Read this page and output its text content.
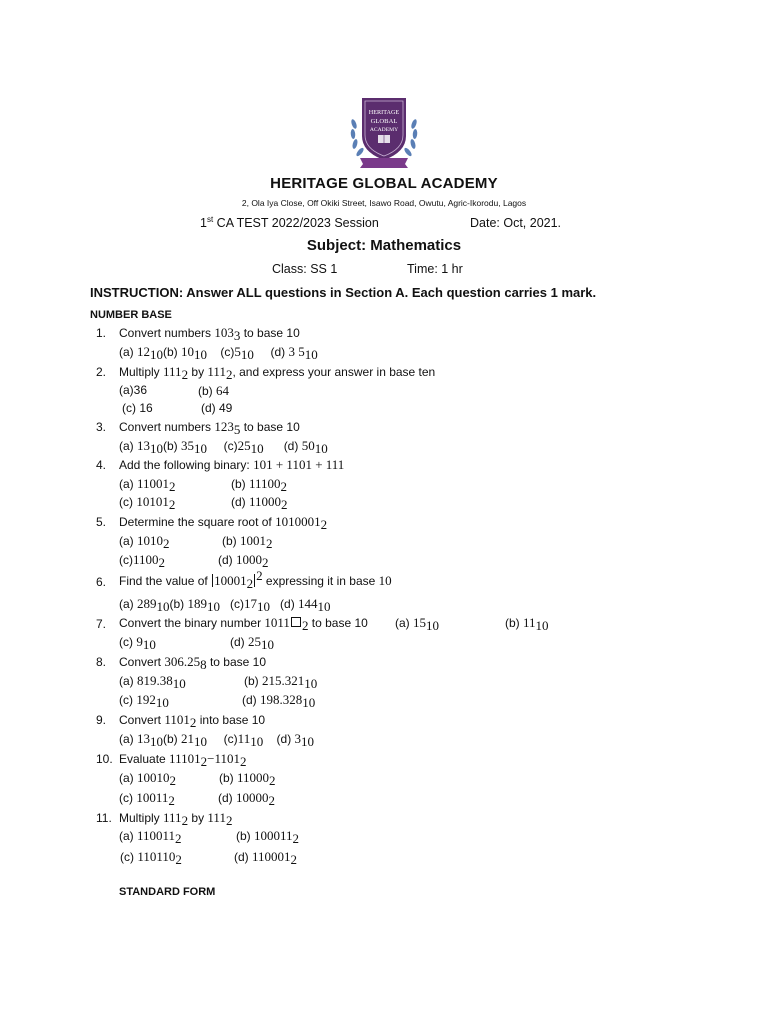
HERITAGE
GLOBAL
ACADEMY
HERITAGE GLOBAL ACADEMY
2, Ola Iya Close, Off Okiki Street, Isawo Road, Owutu, Agric-Ikorodu, Lagos
1st CA TEST 2022/2023 Session	Date: Oct, 2021.
Subject: Mathematics
Class: SS 1	Time: 1 hr
INSTRUCTION: Answer ALL questions in Section A. Each question carries 1 mark.
NUMBER BASE
1. Convert numbers $103_3$ to base 10
(a) $12_{10}(b)$ $10_{10}$ $(c)5_{10}$ (d) 3 $5_{10}$
2. Multiply $111_2$ by $111_2$, and express your answer in base ten
(a)36	(b) 64
(c) 16	(d) 49
3. Convert numbers $123_5$ to base 10
(a) $13_{10}(b)$ $35_{10}$ $(c)25_{10}$ (d) $50_{10}$
4. Add the following binary: 101 + 1101 + 111
(a) $11001_2$	(b) $11100_2$
(c) $10101_2$	(d) $11000_2$
5. Determine the square root of $1010001_2$
(a) $1010_2$	(b) $1001_2$
$(c)1100_2$	(d) $1000_2$
6. Find the value of $10001_2^2$ expressing it in base 10
(a) $289_{10}(b)$ $189_{10}$ $(c)17_{10}$ (d) $144_{10}$
7. Convert the binary number 1011 $_2$ to base 10 (a) $15_{10}$	(b) $11_{10}$
(c) $9_{10}$	(d) $25_{10}$
8. Convert $306.25_8$ to base 10
(a) $819.38_{10}$	(b) $215.321_{10}$
(c) $192_{10}$	(d) $198.328_{10}$
9. Convert $1101_2$ into base 10
(a) $13_{10}(b)$ $21_{10}$ $(c)11_{10}$ (d) $3_{10}$
10. Evaluate $11101_2-1101_2$
(a) $10010_2$	(b) $11000_2$
(c) $10011_2$	(d) $10000_2$
11. Multiply $111_2$ by $111_2$
(a) $110011_2$	(b) $100011_2$
(c) $110110_2$	(d) $110001_2$
STANDARD FORM
